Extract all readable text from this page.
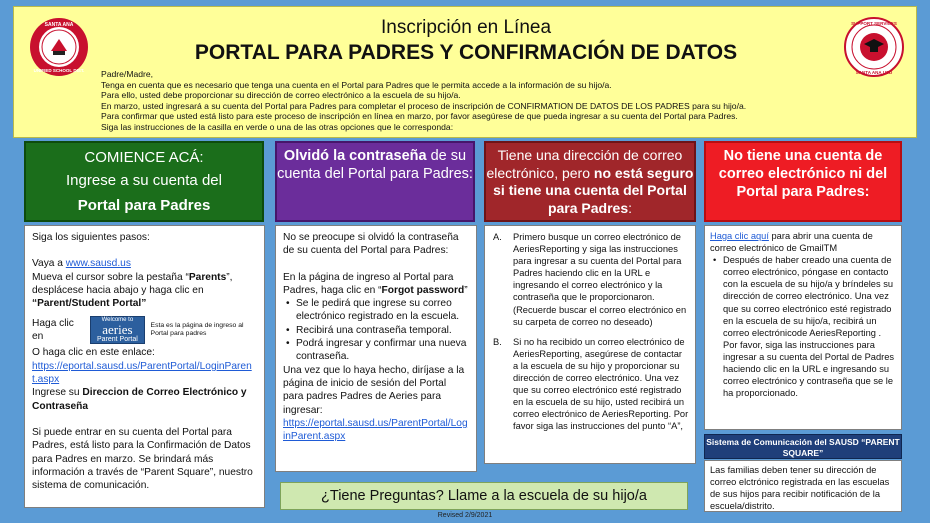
SANTA ANA
UNIFIED SCHOOL DIST.
SUPPORT SERVICES
SANTA ANA USD
Inscripción en Línea
PORTAL PARA PADRES Y CONFIRMACIÓN DE DATOS
Padre/Madre,
Tenga en cuenta que es necesario que tenga una cuenta en el Portal para Padres que le permita accede a la información de su hijo/a.
Para ello, usted debe proporcionar su dirección de correo electrónico a la escuela de su hijo/a.
En marzo, usted ingresará a su cuenta del Portal para Padres para completar el proceso de inscripción de CONFIRMATION DE DATOS DE LOS PADRES para su hijo/a.
Para confirmar que usted está listo para este proceso de inscripción en línea en marzo, por favor asegúrese de que pueda ingresar a su cuenta del Portal para Padres.
Siga las instrucciones de la casilla en verde o una de las otras opciones que le corresponda:
COMIENCE ACÁ:
Ingrese a su cuenta del
Portal para Padres
Siga los siguientes pasos:
Vaya a www.sausd.us
Mueva el cursor sobre la pestaña “Parents”, desplácese hacia abajo y haga clic en
“Parent/Student Portal”
Haga clic en
Welcome to
aeries
Parent Portal
Esta es la página de ingreso al Portal para padres
O haga clic en este enlace:
https://eportal.sausd.us/ParentPortal/LoginParent.aspx
Ingrese su Direccion de Correo Electrónico y Contraseña
Si puede entrar en su cuenta del Portal para Padres, está listo para la Confirmación de Datos para Padres en marzo. Se brindará más información a través de “Parent Square”, nuestro sistema de comunicación.
Olvidó la contraseña de su cuenta del Portal para Padres:
No se preocupe si olvidó la contraseña de su cuenta del Portal para Padres:
En la página de ingreso al Portal para Padres, haga clic en “Forgot password”
• Se le pedirá que ingrese su correo electrónico registrado en la escuela.
• Recibirá una contraseña temporal.
• Podrá ingresar y confirmar una nueva contraseña.
Una vez que lo haya hecho, diríjase a la página de inicio de sesión del Portal para padres Padres de Aeries para ingresar:
https://eportal.sausd.us/ParentPortal/LoginParent.aspx
Tiene una dirección de correo electrónico, pero no está seguro si tiene una cuenta del Portal para Padres:
A. Primero busque un correo electrónico de AeriesReporting y siga las instrucciones para ingresar a su cuenta del Portal para Padres haciendo clic en la URL e ingresando el correo electrónico y la contraseña que le proporcionaron. (Recuerde buscar el correo electrónico en su carpeta de correo no deseado)
B. Si no ha recibido un correo electrónico de AeriesReporting, asegúrese de contactar a la escuela de su hijo y proporcionar su dirección de correo electrónico. Una vez que su correo electrónico esté registrado en la escuela de su hijo, usted recibirá un correo electrónico de AeriesReporting. Por favor siga las instrucciones del punto “A”,
No tiene una cuenta de correo electrónico ni del Portal para Padres:
Haga clic aquí para abrir una cuenta de correo electrónico de GmailTM
• Después de haber creado una cuenta de correo electrónico, póngase en contacto con la escuela de su hijo/a y bríndeles su dirección de correo electrónico. Una vez que su correo electrónico esté registrado en la escuela de su hijo/a, recibirá un correo electrónicode AeriesReporting . Por favor, siga las instrucciones para ingresar a su cuenta del Portal de Padres haciendo clic en la URL e ingresando su correo electrónico y contraseña que se le ha proporcionado.
Sistema de Comunicación del SAUSD “PARENT SQUARE”
Las familias deben tener su dirección de correo elctrónico registrada en las escuelas de sus hijos para recibir notificación de la escuela/distrito.
¿Tiene Preguntas? Llame a la escuela de su hijo/a
Revised 2/9/2021
